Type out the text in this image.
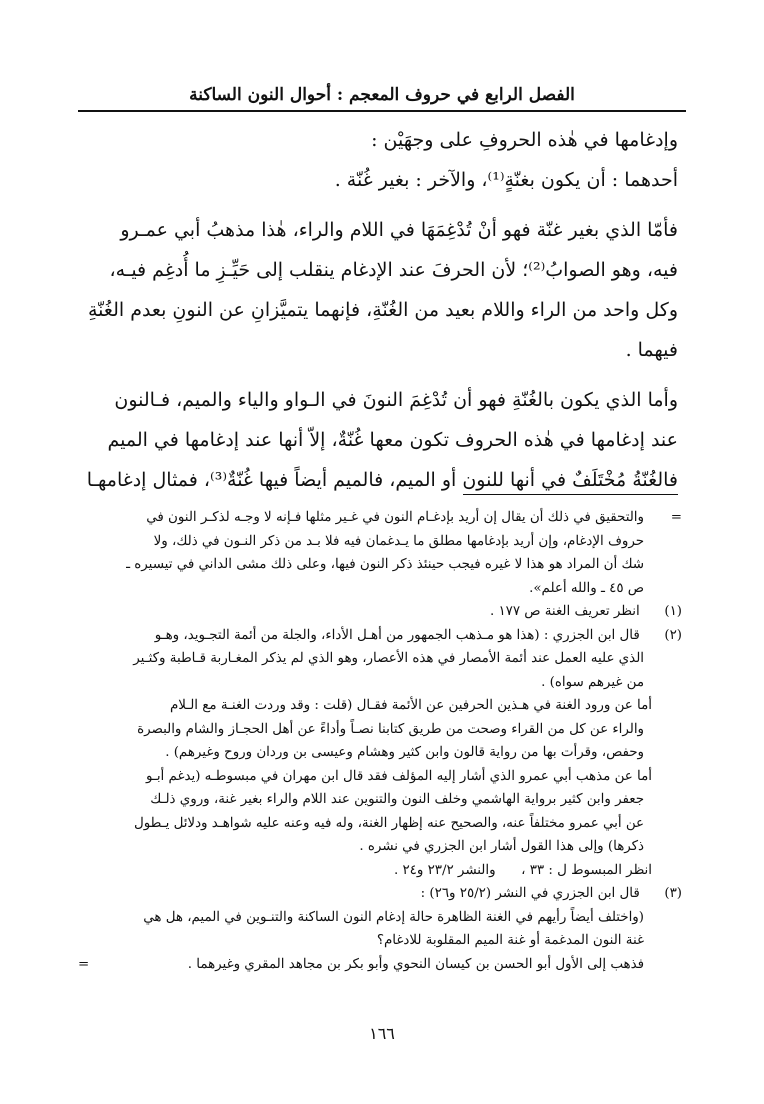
الفصل الرابع في حروف المعجم : أحوال النون الساكنة
وإدغامها في هٰذه الحروفِ على وجهَيْن :
أحدهما : أن يكون بغنّةٍ⁽¹⁾، والآخر : بغير غُنّة .
فأمّا الذي بغير غنّة فهو أنْ تُدْغِمَهَا في اللام والراء، هٰذا مذهبُ أبي عمـرو
فيه، وهو الصوابُ⁽²⁾؛ لأن الحرفَ عند الإدغام ينقلب إلى حَيِّـزِ ما أُدغِم فيـه،
وكل واحد من الراء واللام بعيد من الغُنّةِ، فإنهما يتميَّزانِ عن النونِ بعدم الغُنّةِ
فيهما .
وأما الذي يكون بالغُنّةِ فهو أن تُدْغِمَ النونَ في الـواو والياء والميم، فـالنون
عند إدغامها في هٰذه الحروف تكون معها غُنّةٌ، إلاّ أنها عند إدغامها في الميم
فالغُنّةُ مُخْتَلَفٌ في أنها للنون أو الميم، فالميم أيضاً فيها غُنّةٌ⁽³⁾، فمثال إدغامهـا
=والتحقيق في ذلك أن يقال إن أريد بإدغـام النون في غـير مثلها فـإنه لا وجـه لذكـر النون في
حروف الإدغام، وإن أريد بإدغامها مطلق ما يـدغمان فيه فلا بـد من ذكر النـون في ذلك، ولا
شك أن المراد هو هذا لا غيره فيجب حينئذ ذكر النون فيها، وعلى ذلك مشى الداني في تيسيره ـ
ص ٤٥ ـ والله أعلم».
(١) انظر تعريف الغنة ص ١٧٧ .
(٢) قال ابن الجزري : (هذا هو مـذهب الجمهور من أهـل الأداء، والجلة من أئمة التجـويد، وهـو
الذي عليه العمل عند أئمة الأمصار في هذه الأعصار، وهو الذي لم يذكر المغـاربة قـاطبة وكثـير
من غيرهم سواه) .
أما عن ورود الغنة في هـذين الحرفين عن الأئمة فقـال (قلت : وقد وردت الغنـة مع الـلام
والراء عن كل من القراء وصحت من طريق كتابنا نصـاً وأداءً عن أهل الحجـاز والشام والبصرة
وحفص، وقرأت بها من رواية قالون وابن كثير وهشام وعيسى بن وردان وروح وغيرهم) .
أما عن مذهب أبي عمرو الذي أشار إليه المؤلف فقد قال ابن مهران في مبسوطـه (يدغم أبـو
جعفر وابن كثير برواية الهاشمي وخلف النون والتنوين عند اللام والراء بغير غنة، وروي ذلـك
عن أبي عمرو مختلفاً عنه، والصحيح عنه إظهار الغنة، وله فيه وعنه عليه شواهـد ودلائل يـطول
ذكرها) وإلى هذا القول أشار ابن الجزري في نشره .
انظر المبسوط ل : ٣٣ ،      والنشر ٢٣/٢ و٢٤ .
(٣) قال ابن الجزري في النشر (٢٥/٢ و٢٦) :
(واختلف أيضاً رأيهم في الغنة الظاهرة حالة إدغام النون الساكنة والتنـوين في الميم، هل هي
غنة النون المدغمة أو غنة الميم المقلوبة للادغام؟
فذهب إلى الأول أبو الحسن بن كيسان النحوي وأبو بكر بن مجاهد المقري وغيرهما .
=
١٦٦
